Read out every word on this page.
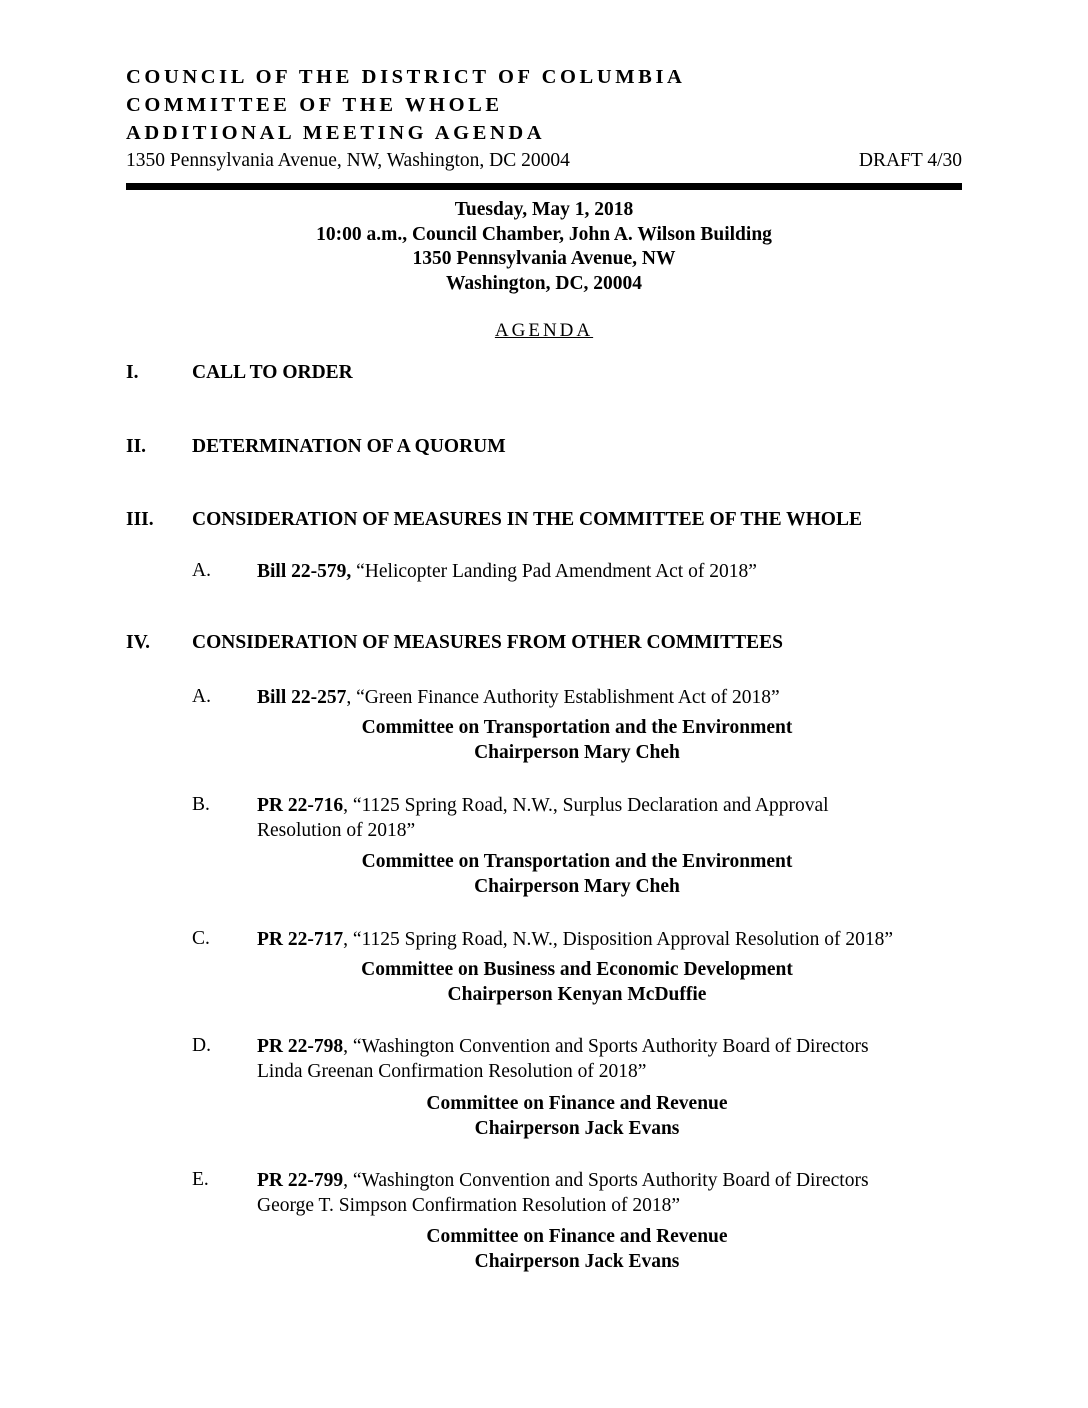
COUNCIL OF THE DISTRICT OF COLUMBIA
COMMITTEE OF THE WHOLE
ADDITIONAL MEETING AGENDA
1350 Pennsylvania Avenue, NW, Washington, DC 20004	DRAFT 4/30
Tuesday, May 1, 2018
10:00 a.m., Council Chamber, John A. Wilson Building
1350 Pennsylvania Avenue, NW
Washington, DC, 20004
AGENDA
I.	CALL TO ORDER
II. DETERMINATION OF A QUORUM
III. CONSIDERATION OF MEASURES IN THE COMMITTEE OF THE WHOLE
A. Bill 22-579, “Helicopter Landing Pad Amendment Act of 2018”
IV. CONSIDERATION OF MEASURES FROM OTHER COMMITTEES
A. Bill 22-257, “Green Finance Authority Establishment Act of 2018”
Committee on Transportation and the Environment
Chairperson Mary Cheh
B. PR 22-716, “1125 Spring Road, N.W., Surplus Declaration and Approval
Resolution of 2018”
Committee on Transportation and the Environment
Chairperson Mary Cheh
C. PR 22-717, “1125 Spring Road, N.W., Disposition Approval Resolution of 2018”
Committee on Business and Economic Development
Chairperson Kenyan McDuffie
D. PR 22-798, “Washington Convention and Sports Authority Board of Directors
Linda Greenan Confirmation Resolution of 2018”
Committee on Finance and Revenue
Chairperson Jack Evans
E. PR 22-799, “Washington Convention and Sports Authority Board of Directors
George T. Simpson Confirmation Resolution of 2018”
Committee on Finance and Revenue
Chairperson Jack Evans
